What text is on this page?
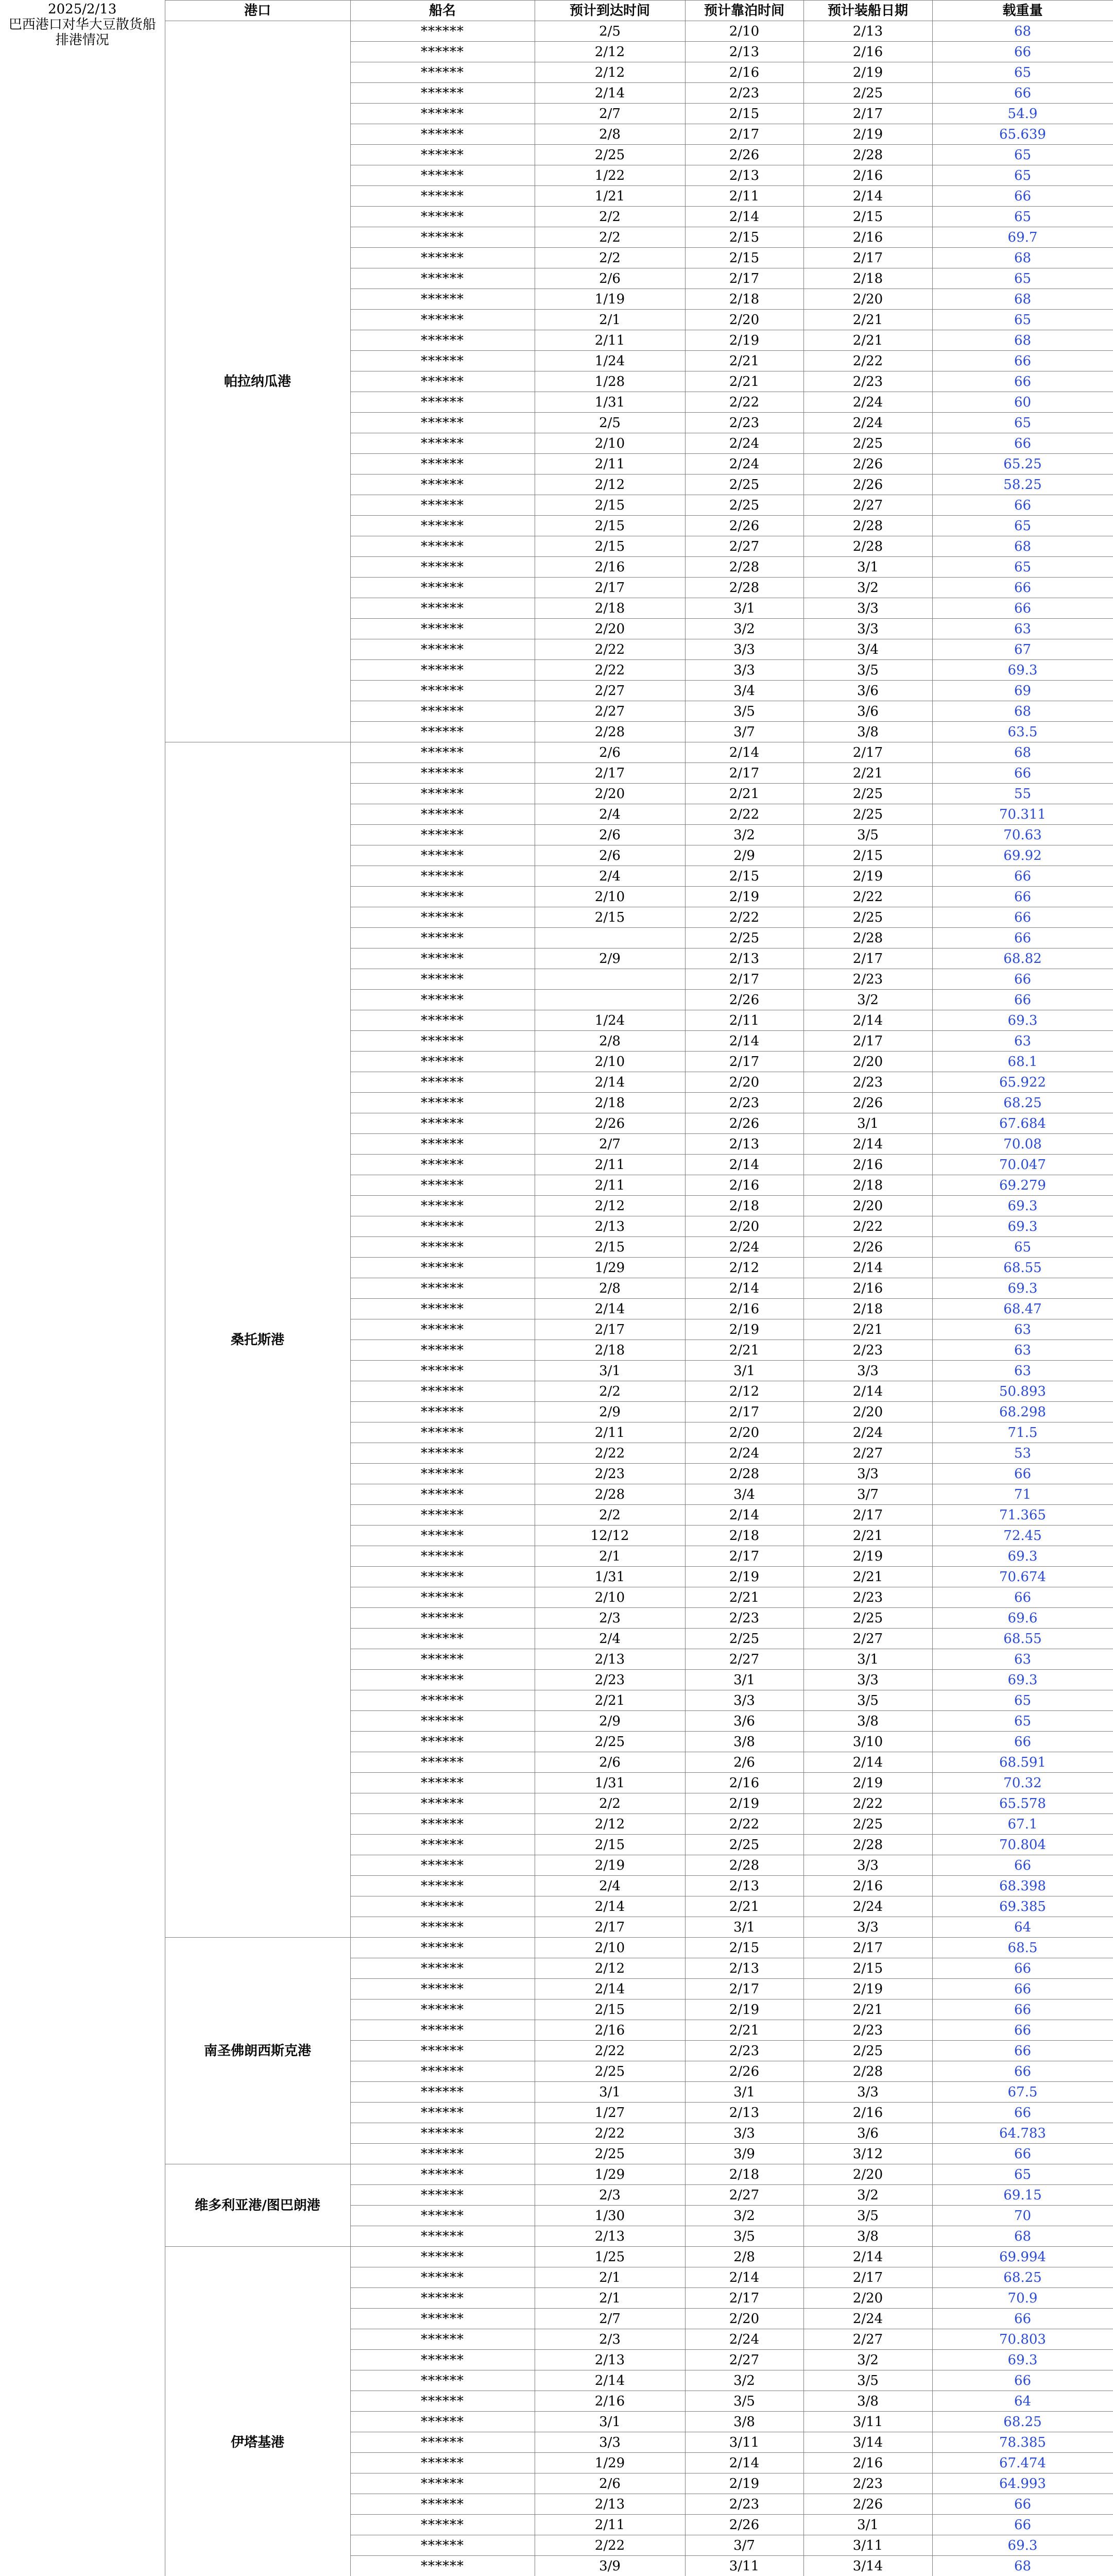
2025/2/13
巴西港口对华大豆散货船排港情况	港口	船名	预计到达时间	预计靠泊时间	预计装船日期	载重量
	帕拉纳瓜港	******	2/5	2/10	2/13	68
		******	2/12	2/13	2/16	66
		******	2/12	2/16	2/19	65
		******	2/14	2/23	2/25	66
		******	2/7	2/15	2/17	54.9
		******	2/8	2/17	2/19	65.639
		******	2/25	2/26	2/28	65
		******	1/22	2/13	2/16	65
		******	1/21	2/11	2/14	66
		******	2/2	2/14	2/15	65
		******	2/2	2/15	2/16	69.7
		******	2/2	2/15	2/17	68
		******	2/6	2/17	2/18	65
		******	1/19	2/18	2/20	68
		******	2/1	2/20	2/21	65
		******	2/11	2/19	2/21	68
		******	1/24	2/21	2/22	66
		******	1/28	2/21	2/23	66
		******	1/31	2/22	2/24	60
		******	2/5	2/23	2/24	65
		******	2/10	2/24	2/25	66
		******	2/11	2/24	2/26	65.25
		******	2/12	2/25	2/26	58.25
		******	2/15	2/25	2/27	66
		******	2/15	2/26	2/28	65
		******	2/15	2/27	2/28	68
		******	2/16	2/28	3/1	65
		******	2/17	2/28	3/2	66
		******	2/18	3/1	3/3	66
		******	2/20	3/2	3/3	63
		******	2/22	3/3	3/4	67
		******	2/22	3/3	3/5	69.3
		******	2/27	3/4	3/6	69
		******	2/27	3/5	3/6	68
		******	2/28	3/7	3/8	63.5
	桑托斯港	******	2/6	2/14	2/17	68
		******	2/17	2/17	2/21	66
		******	2/20	2/21	2/25	55
		******	2/4	2/22	2/25	70.311
		******	2/6	3/2	3/5	70.63
		******	2/6	2/9	2/15	69.92
		******	2/4	2/15	2/19	66
		******	2/10	2/19	2/22	66
		******	2/15	2/22	2/25	66
		******		2/25	2/28	66
		******	2/9	2/13	2/17	68.82
		******		2/17	2/23	66
		******		2/26	3/2	66
		******	1/24	2/11	2/14	69.3
		******	2/8	2/14	2/17	63
		******	2/10	2/17	2/20	68.1
		******	2/14	2/20	2/23	65.922
		******	2/18	2/23	2/26	68.25
		******	2/26	2/26	3/1	67.684
		******	2/7	2/13	2/14	70.08
		******	2/11	2/14	2/16	70.047
		******	2/11	2/16	2/18	69.279
		******	2/12	2/18	2/20	69.3
		******	2/13	2/20	2/22	69.3
		******	2/15	2/24	2/26	65
		******	1/29	2/12	2/14	68.55
		******	2/8	2/14	2/16	69.3
		******	2/14	2/16	2/18	68.47
		******	2/17	2/19	2/21	63
		******	2/18	2/21	2/23	63
		******	3/1	3/1	3/3	63
		******	2/2	2/12	2/14	50.893
		******	2/9	2/17	2/20	68.298
		******	2/11	2/20	2/24	71.5
		******	2/22	2/24	2/27	53
		******	2/23	2/28	3/3	66
		******	2/28	3/4	3/7	71
		******	2/2	2/14	2/17	71.365
		******	12/12	2/18	2/21	72.45
		******	2/1	2/17	2/19	69.3
		******	1/31	2/19	2/21	70.674
		******	2/10	2/21	2/23	66
		******	2/3	2/23	2/25	69.6
		******	2/4	2/25	2/27	68.55
		******	2/13	2/27	3/1	63
		******	2/23	3/1	3/3	69.3
		******	2/21	3/3	3/5	65
		******	2/9	3/6	3/8	65
		******	2/25	3/8	3/10	66
		******	2/6	2/6	2/14	68.591
		******	1/31	2/16	2/19	70.32
		******	2/2	2/19	2/22	65.578
		******	2/12	2/22	2/25	67.1
		******	2/15	2/25	2/28	70.804
		******	2/19	2/28	3/3	66
		******	2/4	2/13	2/16	68.398
		******	2/14	2/21	2/24	69.385
		******	2/17	3/1	3/3	64
	南圣佛朗西斯克港	******	2/10	2/15	2/17	68.5
		******	2/12	2/13	2/15	66
		******	2/14	2/17	2/19	66
		******	2/15	2/19	2/21	66
		******	2/16	2/21	2/23	66
		******	2/22	2/23	2/25	66
		******	2/25	2/26	2/28	66
		******	3/1	3/1	3/3	67.5
		******	1/27	2/13	2/16	66
		******	2/22	3/3	3/6	64.783
		******	2/25	3/9	3/12	66
	维多利亚港/图巴朗港	******	1/29	2/18	2/20	65
		******	2/3	2/27	3/2	69.15
		******	1/30	3/2	3/5	70
		******	2/13	3/5	3/8	68
	伊塔基港	******	1/25	2/8	2/14	69.994
		******	2/1	2/14	2/17	68.25
		******	2/1	2/17	2/20	70.9
		******	2/7	2/20	2/24	66
		******	2/3	2/24	2/27	70.803
		******	2/13	2/27	3/2	69.3
		******	2/14	3/2	3/5	66
		******	2/16	3/5	3/8	64
		******	3/1	3/8	3/11	68.25
		******	3/3	3/11	3/14	78.385
		******	1/29	2/14	2/16	67.474
		******	2/6	2/19	2/23	64.993
		******	2/13	2/23	2/26	66
		******	2/11	2/26	3/1	66
		******	2/22	3/7	3/11	69.3
		******	3/9	3/11	3/14	68
